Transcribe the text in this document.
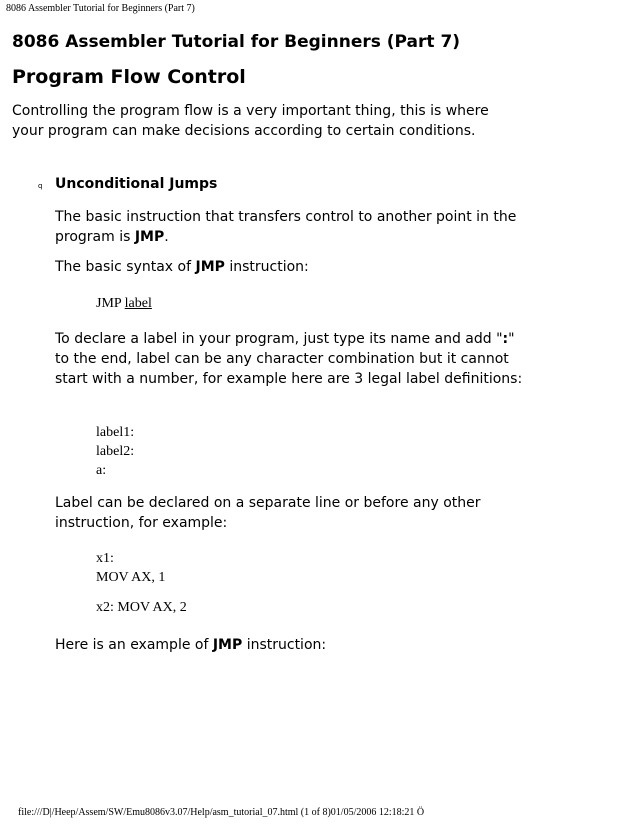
8086 Assembler Tutorial for Beginners (Part 7)
8086 Assembler Tutorial for Beginners (Part 7)
Program Flow Control

Controlling the program flow is a very important thing, this is where your program can make decisions according to certain conditions.

q Unconditional Jumps

The basic instruction that transfers control to another point in the program is JMP.

The basic syntax of JMP instruction:

JMP label

To declare a label in your program, just type its name and add ":" to the end, label can be any character combination but it cannot start with a number, for example here are 3 legal label definitions:

label1:
label2:
a:

Label can be declared on a separate line or before any other instruction, for example:

x1:
MOV AX, 1

x2: MOV AX, 2

Here is an example of JMP instruction:

file:///D|/Heep/Assem/SW/Emu8086v3.07/Help/asm_tutorial_07.html (1 of 8)01/05/2006 12:18:21 Ö
